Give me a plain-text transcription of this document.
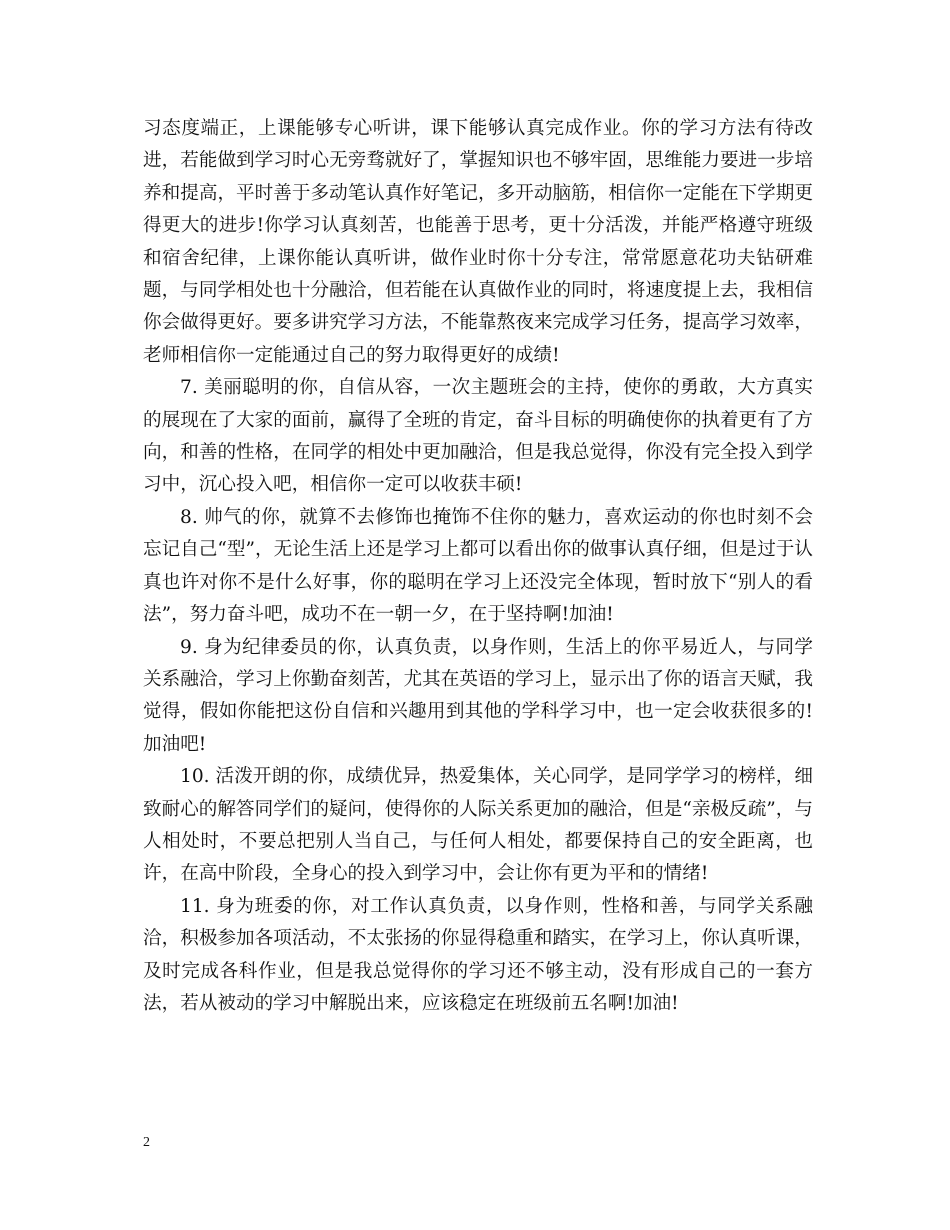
习态度端正，上课能够专心听讲，课下能够认真完成作业。你的学习方法有待改进，若能做到学习时心无旁骛就好了，掌握知识也不够牢固，思维能力要进一步培养和提高，平时善于多动笔认真作好笔记，多开动脑筋，相信你一定能在下学期更得更大的进步!你学习认真刻苦，也能善于思考，更十分活泼，并能严格遵守班级和宿舍纪律，上课你能认真听讲，做作业时你十分专注，常常愿意花功夫钻研难题，与同学相处也十分融洽，但若能在认真做作业的同时，将速度提上去，我相信你会做得更好。要多讲究学习方法，不能靠熬夜来完成学习任务，提高学习效率，老师相信你一定能通过自己的努力取得更好的成绩!

7. 美丽聪明的你，自信从容，一次主题班会的主持，使你的勇敢，大方真实的展现在了大家的面前，赢得了全班的肯定，奋斗目标的明确使你的执着更有了方向，和善的性格，在同学的相处中更加融洽，但是我总觉得，你没有完全投入到学习中，沉心投入吧，相信你一定可以收获丰硕!

8. 帅气的你，就算不去修饰也掩饰不住你的魅力，喜欢运动的你也时刻不会忘记自己“型”，无论生活上还是学习上都可以看出你的做事认真仔细，但是过于认真也许对你不是什么好事，你的聪明在学习上还没完全体现，暂时放下“别人的看法”，努力奋斗吧，成功不在一朝一夕，在于坚持啊!加油!

9. 身为纪律委员的你，认真负责，以身作则，生活上的你平易近人，与同学关系融洽，学习上你勤奋刻苦，尤其在英语的学习上，显示出了你的语言天赋，我觉得，假如你能把这份自信和兴趣用到其他的学科学习中，也一定会收获很多的!加油吧!

10. 活泼开朗的你，成绩优异，热爱集体，关心同学，是同学学习的榜样，细致耐心的解答同学们的疑问，使得你的人际关系更加的融洽，但是“亲极反疏”，与人相处时，不要总把别人当自己，与任何人相处，都要保持自己的安全距离，也许，在高中阶段，全身心的投入到学习中，会让你有更为平和的情绪!

11. 身为班委的你，对工作认真负责，以身作则，性格和善，与同学关系融洽，积极参加各项活动，不太张扬的你显得稳重和踏实，在学习上，你认真听课，及时完成各科作业，但是我总觉得你的学习还不够主动，没有形成自己的一套方法，若从被动的学习中解脱出来，应该稳定在班级前五名啊!加油!

2
